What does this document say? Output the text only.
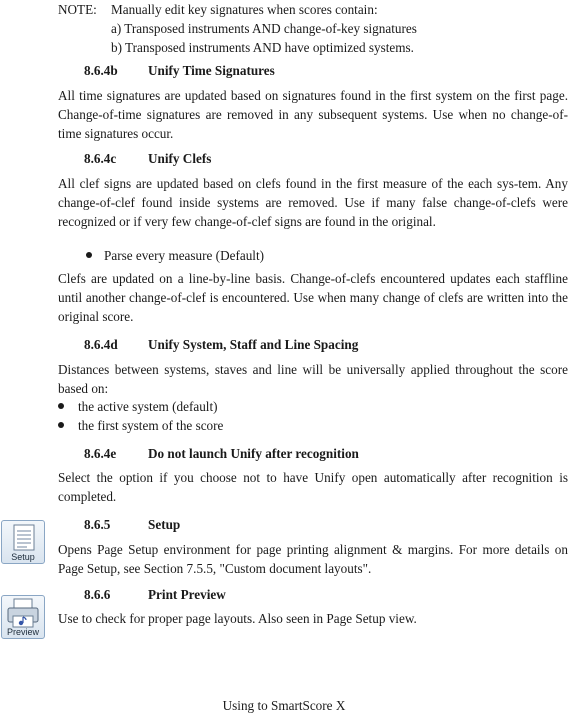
NOTE:	Manually edit key signatures when scores contain:
a) Transposed instruments AND change-of-key signatures
b) Transposed instruments AND have optimized systems.
8.6.4b	Unify Time Signatures
All time signatures are updated based on signatures found in the first system on the first page. Change-of-time signatures are removed in any subsequent systems. Use when no change-of-time signatures occur.
8.6.4c	Unify Clefs
All clef signs are updated based on clefs found in the first measure of the each sys-tem. Any change-of-clef found inside systems are removed. Use if many false change-of-clefs were recognized or if very few change-of-clef signs are found in the original.
Parse every measure (Default)
Clefs are updated on a line-by-line basis. Change-of-clefs encountered updates each staffline until another change-of-clef is encountered. Use when many change of clefs are written into the original score.
8.6.4d	Unify System, Staff and Line Spacing
Distances between systems, staves and line will be universally applied throughout the score based on:
the active system (default)
the first system of the score
8.6.4e	Do not launch Unify after recognition
Select the option if you choose not to have Unify open automatically after recognition is completed.
Setup
8.6.5	Setup
Opens Page Setup environment for page printing alignment & margins. For more details on Page Setup, see Section 7.5.5, "Custom document layouts".
Preview
8.6.6	Print Preview
Use to check for proper page layouts. Also seen in Page Setup view.
Using to SmartScore X
